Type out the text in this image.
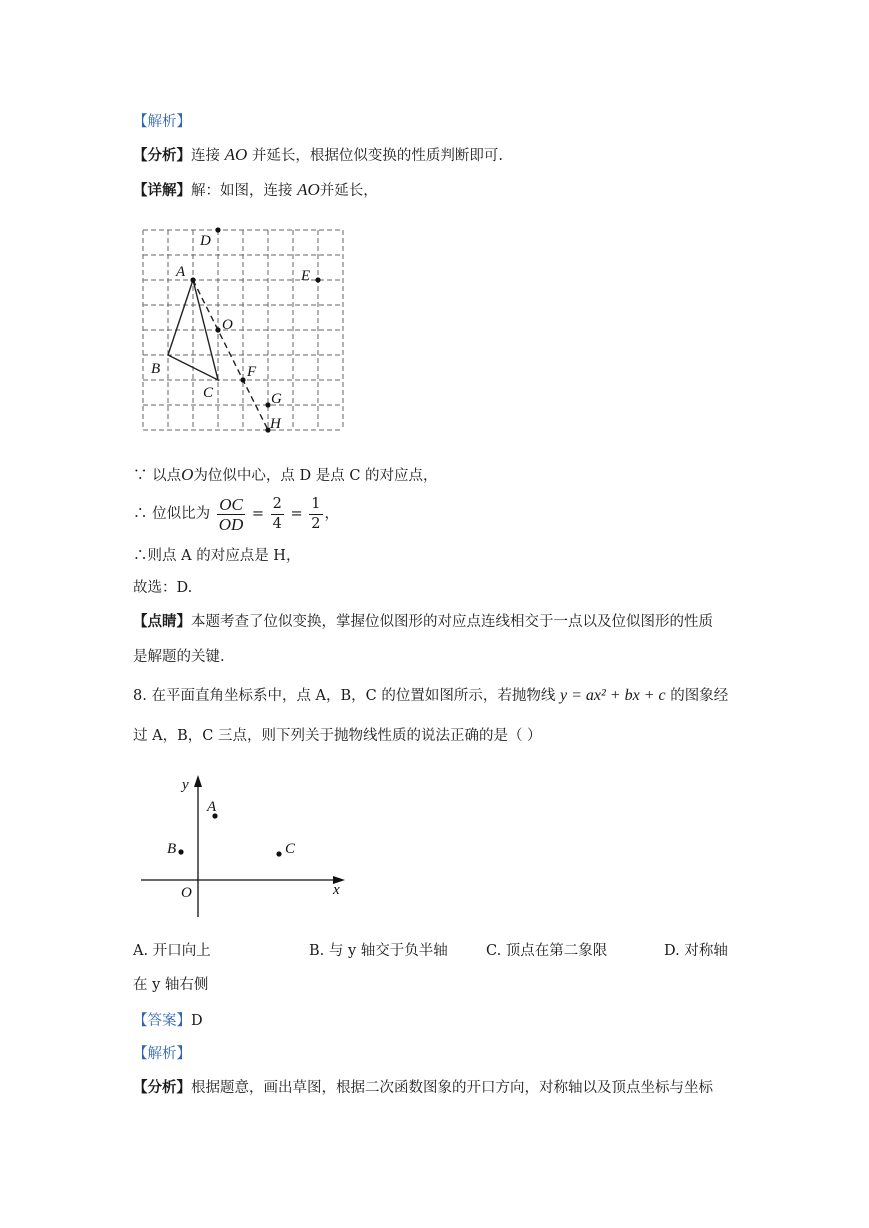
【解析】
【分析】连接 AO 并延长，根据位似变换的性质判断即可.
【详解】解：如图，连接 AO并延长，
D
A	E
O
B
C
F
G
H
∵ 以点O为位似中心，点 D 是点 C 的对应点，
∴ 位似比为 $\frac{OC}{OD} = \frac{2}{4} = \frac{1}{2}$ ，
∴则点 A 的对应点是 H，
故选：D.
【点睛】本题考查了位似变换，掌握位似图形的对应点连线相交于一点以及位似图形的性质
是解题的关键.
8. 在平面直角坐标系中，点 A，B，C 的位置如图所示，若抛物线 y = ax² + bx + c 的图象经
过 A，B，C 三点，则下列关于抛物线性质的说法正确的是（ ）
y
x
O
A
B	C
A. 开口向上	B. 与 y 轴交于负半轴	C. 顶点在第二象限	D. 对称轴
在 y 轴右侧
【答案】D
【解析】
【分析】根据题意，画出草图，根据二次函数图象的开口方向，对称轴以及顶点坐标与坐标
